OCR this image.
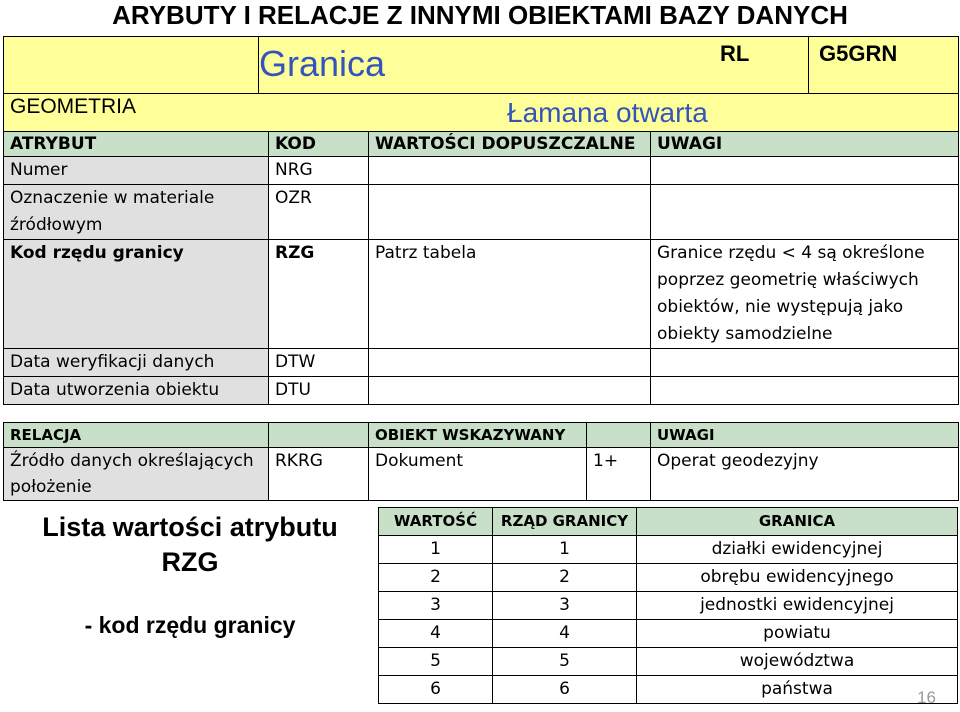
ARYBUTY I RELACJE Z INNYMI OBIEKTAMI BAZY DANYCH
Granica	RL	G5GRN
GEOMETRIA	Łamana otwarta
ATRYBUT	KOD	WARTOŚCI DOPUSZCZALNE	UWAGI
Numer	NRG		
Oznaczenie w materiale źródłowym	OZR		
Kod rzędu granicy	RZG	Patrz tabela	Granice rzędu < 4 są określone poprzez geometrię właściwych obiektów, nie występują jako obiekty samodzielne
Data weryfikacji danych	DTW		
Data utworzenia obiektu	DTU		
RELACJA		OBIEKT WSKAZYWANY		UWAGI
Źródło danych określających położenie	RKRG	Dokument	1+	Operat geodezyjny
Lista wartości atrybutu
RZG
- kod rzędu granicy
WARTOŚĆ	RZĄD GRANICY	GRANICA
1	1	działki ewidencyjnej
2	2	obrębu ewidencyjnego
3	3	jednostki ewidencyjnej
4	4	powiatu
5	5	województwa
6	6	państwa	16
